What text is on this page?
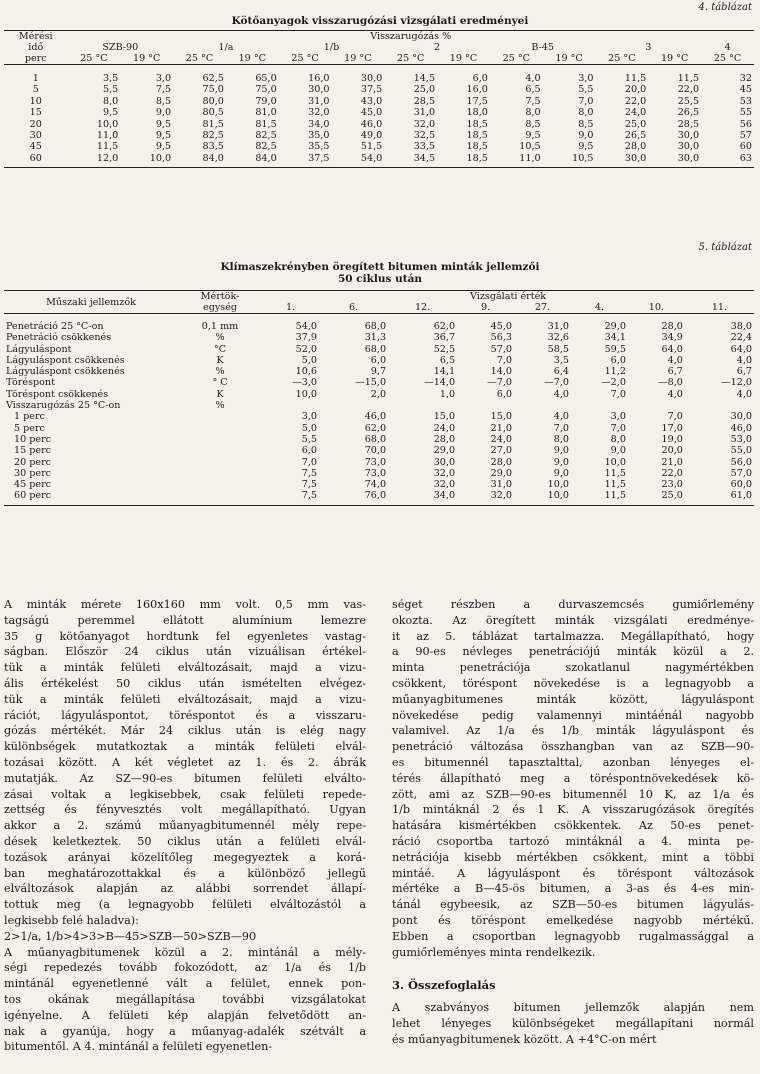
4. táblázat
Kötőanyagok visszarugózási vizsgálati eredményei
Mérési	Visszarugózás %												
idő	SZB-90		1/a		1/b		2		B-45		3		4
perc	25 °C	19 °C	25 °C	19 °C	25 °C	19 °C	25 °C	19 °C	25 °C	19 °C	25 °C	19 °C	25 °C

1	3,5	3,0	62,5	65,0	16,0	30,0	14,5	6,0	4,0	3,0	11,5	11,5	32
5	5,5	7,5	75,0	75,0	30,0	37,5	25,0	16,0	6,5	5,5	20,0	22,0	45
10	8,0	8,5	80,0	79,0	31,0	43,0	28,5	17,5	7,5	7,0	22,0	25,5	53
15	9,5	9,0	80,5	81,0	32,0	45,0	31,0	18,0	8,0	8,0	24,0	26,5	55
20	10,0	9,5	81,5	81,5	34,0	46,0	32,0	18,5	8,5	8,5	25,0	28,5	56
30	11,0	9,5	82,5	82,5	35,0	49,0	32,5	18,5	9,5	9,0	26,5	30,0	57
45	11,5	9,5	83,5	82,5	35,5	51,5	33,5	18,5	10,5	9,5	28,0	30,0	60
60	12,0	10,0	84,0	84,0	37,5	54,0	34,5	18,5	11,0	10,5	30,0	30,0	63
5. táblázat
Klímaszekrényben öregített bitumen minták jellemzői
50 ciklus után
Műszaki jellemzők	Mértök-	Vizsgálati érték							
	egység	1.	6.	12.	9.	27.	4.	10.	11.

Penetráció 25 °C-on	0,1 mm	54,0	68,0	62,0	45,0	31,0	29,0	28,0	38,0
Penetráció csökkenés	%	37,9	31,3	36,7	56,3	32,6	34,1	34,9	22,4
Lágyuláspont	°C	52,0	68,0	52,5	57,0	58,5	59,5	64,0	64,0
Lágyuláspont csökkenés	K	5,0	6,0	6,5	7,0	3,5	6,0	4,0	4,0
Lágyuláspont csökkenés	%	10,6	9,7	14,1	14,0	6,4	11,2	6,7	6,7
Töréspont	° C	—3,0	—15,0	—14,0	—7,0	—7,0	—2,0	—8,0	—12,0
Töréspont csökkenés	K	10,0	2,0	1,0	6,0	4,0	7,0	4,0	4,0
Visszarugózás 25 °C-on	%								
1 perc		3,0	46,0	15,0	15,0	4,0	3,0	7,0	30,0
5 perc		5,0	62,0	24,0	21,0	7,0	7,0	17,0	46,0
10 perc		5,5	68,0	28,0	24,0	8,0	8,0	19,0	53,0
15 perc		6,0	70,0	29,0	27,0	9,0	9,0	20,0	55,0
20 perc		7,0	73,0	30,0	28,0	9,0	10,0	21,0	56,0
30 perc		7,5	73,0	32,0	29,0	9,0	11,5	22,0	57,0
45 perc		7,5	74,0	32,0	31,0	10,0	11,5	23,0	60,0
60 perc		7,5	76,0	34,0	32,0	10,0	11,5	25,0	61,0
A minták mérete 160x160 mm volt. 0,5 mm vas-
tagságú peremmel ellátott alumínium lemezre
35 g kötőanyagot hordtunk fel egyenletes vastag-
ságban. Először 24 ciklus után vizuálisan értékel-
tük a minták felületi elváltozásait, majd a vizu-
ális értékelést 50 ciklus után ismételten elvégez-
tük a minták felületi elváltozásait, majd a vizu-
rációt, lágyuláspontot, töréspontot és a visszaru-
gózás mértékét. Már 24 ciklus után is elég nagy
különbségek mutatkoztak a minták felületi elvál-
tozásai között. A két végletet az 1. és 2. ábrák
mutatják. Az SZ—90-es bitumen felületi elválto-
zásai voltak a legkisebbek, csak felületi repede-
zettség és fényvesztés volt megállapítható. Ugyan
akkor a 2. számú műanyagbitumennél mély repe-
dések keletkeztek. 50 ciklus után a felületi elvál-
tozások arányai közelítőleg megegyeztek a korá-
ban meghatározottakkal és a különböző jellegű
elváltozások alapján az alábbi sorrendet állapí-
tottuk meg (a legnagyobb felületi elváltozástól a
legkisebb felé haladva):
2>1/a, 1/b>4>3>B—45>SZB—50>SZB—90
A műanyagbitumenek közül a 2. mintánál a mély-
ségi repedezés tovább fokozódott, az 1/a és 1/b
mintánál egyenetlenné vált a felület, ennek pon-
tos okának megállapítása további vizsgálatokat
igényelne. A felületi kép alapján felvetődött an-
nak a gyanúja, hogy a műanyag-adalék szétvált a
bitumentől. A 4. mintánál a felületi egyenetlen-
séget részben a durvaszemcsés gumiőrlemény
okozta. Az öregített minták vizsgálati eredménye-
it az 5. táblázat tartalmazza. Megállapítható, hogy
a 90-es névleges penetrációjú minták közül a 2.
minta penetrációja szokatlanul nagymértékben
csökkent, töréspont növekedése is a legnagyobb a
műanyagbitumenes minták között, lágyuláspont
növekedése pedig valamennyi mintáénál nagyobb
valamivel. Az 1/a és 1/b minták lágyuláspont és
penetráció változása összhangban van az SZB—90-
es bitumennél tapasztalttal, azonban lényeges el-
térés állapítható meg a töréspontnövekedések kö-
zött, ami az SZB—90-es bitumennél 10 K, az 1/a és
1/b mintáknál 2 és 1 K. A visszarugózások öregítés
hatására kismértékben csökkentek. Az 50-es penet-
ráció csoportba tartozó mintáknál a 4. minta pe-
netrációja kisebb mértékben csökkent, mint a többi
mintáé. A lágyuláspont és töréspont változások
mértéke a B—45-ös bitumen, a 3-as és 4-es min-
tánál egybeesik, az SZB—50-es bitumen lágyulás-
pont és töréspont emelkedése nagyobb mértékű.
Ebben a csoportban legnagyobb rugalmassággal a
gumiőrleményes minta rendelkezik.

3. Összefoglalás

A szabványos bitumen jellemzők alapján nem
lehet lényeges különbségeket megállapítani normál
és műanyagbitumenek között. A +4°C-on mért
